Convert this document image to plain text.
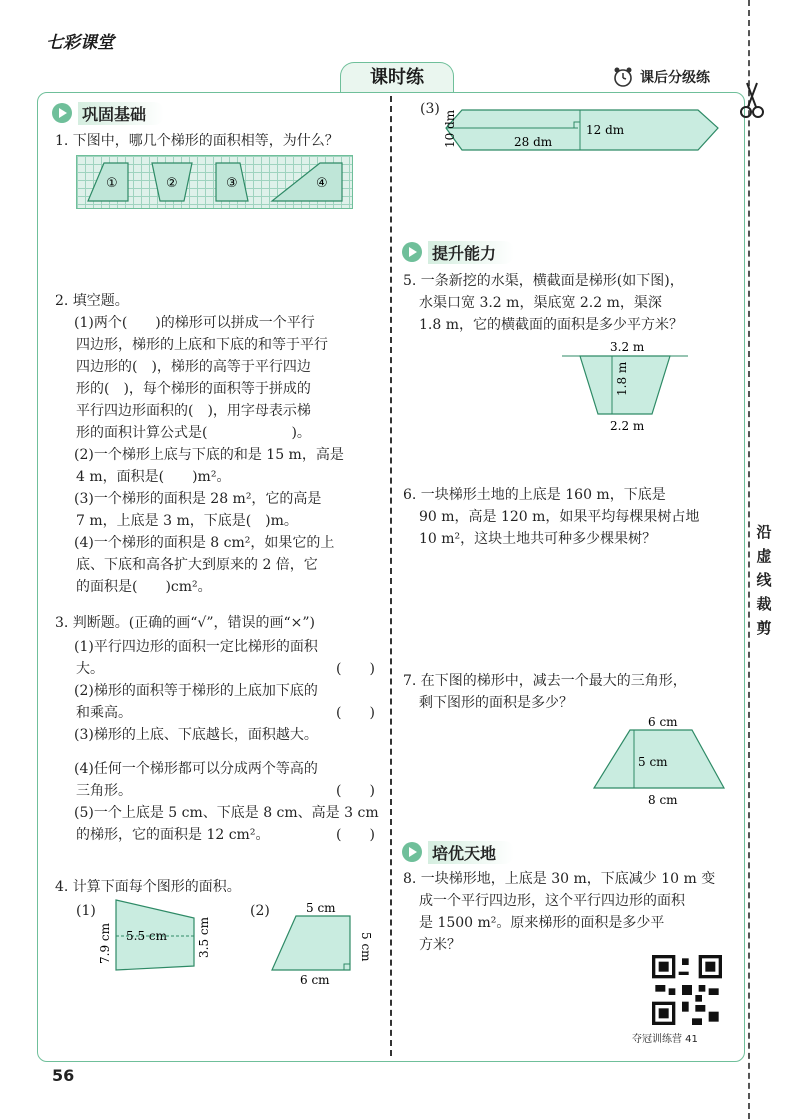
七彩课堂
课时练	课后分级练
沿虚线裁剪
巩固基础
1. 下图中，哪几个梯形的面积相等，为什么？
①	②	③	④
2. 填空题。
(1)两个(　　)的梯形可以拼成一个平行
四边形，梯形的上底和下底的和等于平行
四边形的(　)，梯形的高等于平行四边
形的(　)，每个梯形的面积等于拼成的
平行四边形面积的(　)，用字母表示梯
形的面积计算公式是(　　　　　　)。
(2)一个梯形上底与下底的和是 15 m，高是
4 m，面积是(　　)m²。
(3)一个梯形的面积是 28 m²，它的高是
7 m，上底是 3 m，下底是(　)m。
(4)一个梯形的面积是 8 cm²，如果它的上
底、下底和高各扩大到原来的 2 倍，它
的面积是(　　)cm²。
3. 判断题。(正确的画“√”，错误的画“×”)
(1)平行四边形的面积一定比梯形的面积
大。	(　　)
(2)梯形的面积等于梯形的上底加下底的
和乘高。	(　　)
(3)梯形的上底、下底越长，面积越大。
(4)任何一个梯形都可以分成两个等高的
三角形。	(　　)
(5)一个上底是 5 cm、下底是 8 cm、高是 3 cm
的梯形，它的面积是 12 cm²。	(　　)
4. 计算下面每个图形的面积。
(1)
5.5 cm
7.9 cm	3.5 cm
(2)	5 cm
5 cm
6 cm
56
(3)
12 dm
28 dm
10 dm
提升能力
5. 一条新挖的水渠，横截面是梯形(如下图)，
水渠口宽 3.2 m，渠底宽 2.2 m，渠深
1.8 m，它的横截面的面积是多少平方米？
3.2 m
1.8 m
2.2 m
6. 一块梯形土地的上底是 160 m，下底是
90 m，高是 120 m，如果平均每棵果树占地
10 m²，这块土地共可种多少棵果树？
7. 在下图的梯形中，减去一个最大的三角形，
剩下图形的面积是多少？
6 cm
5 cm
8 cm
培优天地
8. 一块梯形地，上底是 30 m，下底减少 10 m 变
成一个平行四边形，这个平行四边形的面积
是 1500 m²。原来梯形的面积是多少平
方米？
夺冠训练营 41
